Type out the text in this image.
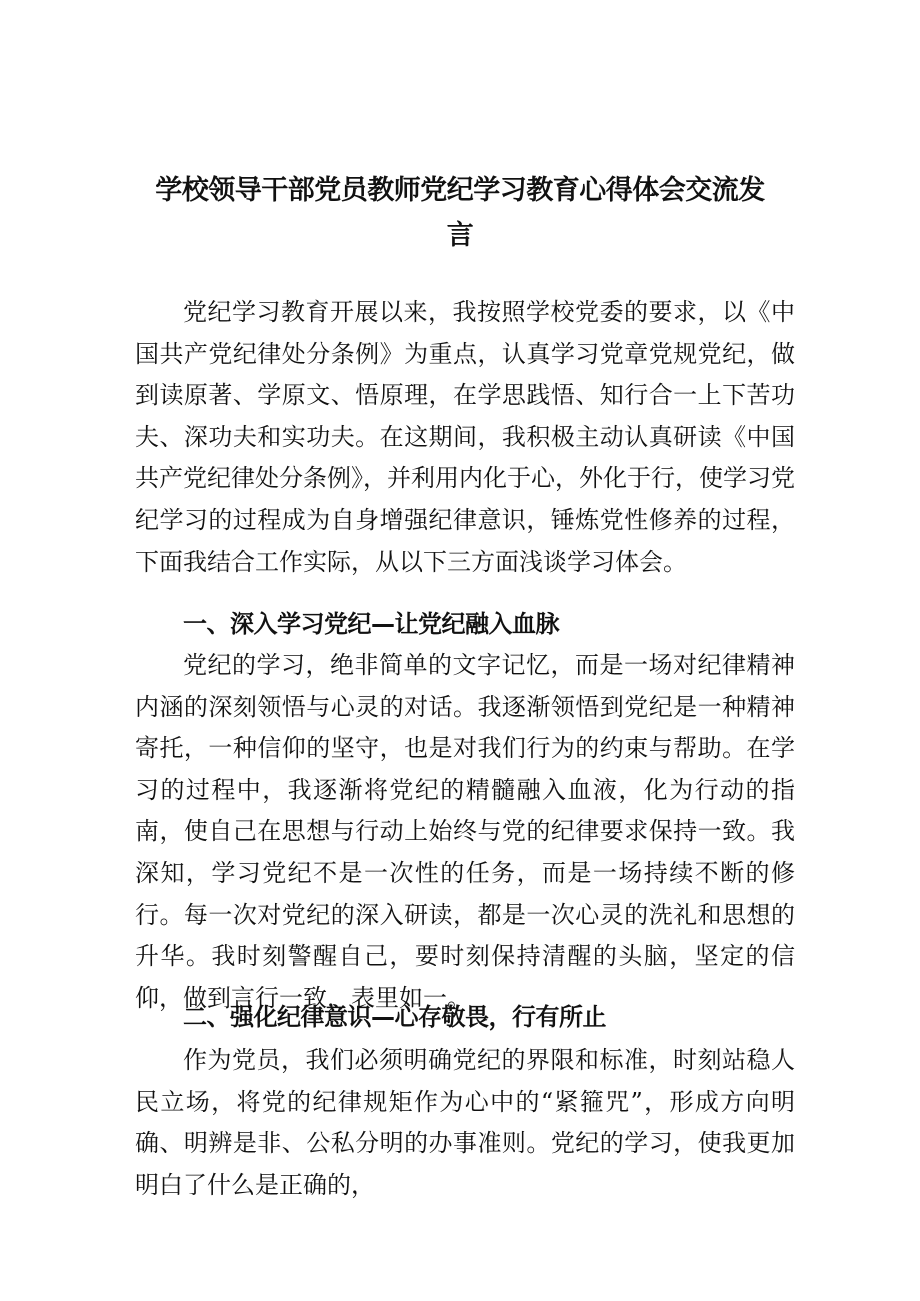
学校领导干部党员教师党纪学习教育心得体会交流发
言

党纪学习教育开展以来，我按照学校党委的要求，以《中国共产党纪律处分条例》为重点，认真学习党章党规党纪，做到读原著、学原文、悟原理，在学思践悟、知行合一上下苦功夫、深功夫和实功夫。在这期间，我积极主动认真研读《中国共产党纪律处分条例》，并利用内化于心，外化于行，使学习党纪学习的过程成为自身增强纪律意识，锤炼党性修养的过程，下面我结合工作实际，从以下三方面浅谈学习体会。

一、深入学习党纪—让党纪融入血脉

党纪的学习，绝非简单的文字记忆，而是一场对纪律精神内涵的深刻领悟与心灵的对话。我逐渐领悟到党纪是一种精神寄托，一种信仰的坚守，也是对我们行为的约束与帮助。在学习的过程中，我逐渐将党纪的精髓融入血液，化为行动的指南，使自己在思想与行动上始终与党的纪律要求保持一致。我深知，学习党纪不是一次性的任务，而是一场持续不断的修行。每一次对党纪的深入研读，都是一次心灵的洗礼和思想的升华。我时刻警醒自己，要时刻保持清醒的头脑，坚定的信仰，做到言行一致，表里如一。

二、强化纪律意识—心存敬畏，行有所止

作为党员，我们必须明确党纪的界限和标准，时刻站稳人民立场，将党的纪律规矩作为心中的“紧箍咒”，形成方向明确、明辨是非、公私分明的办事准则。党纪的学习，使我更加明白了什么是正确的，
